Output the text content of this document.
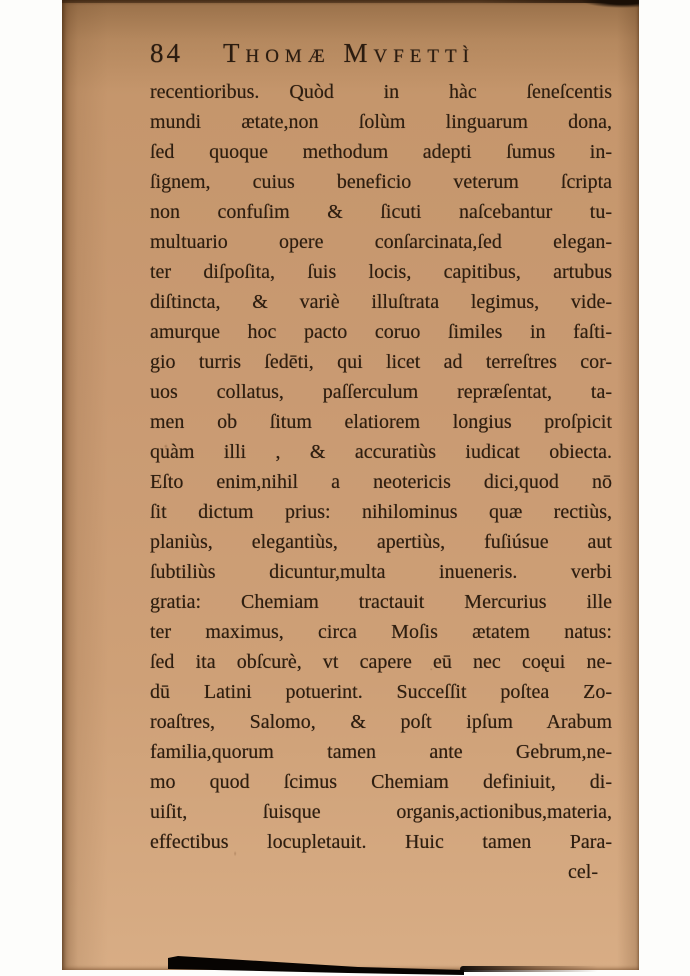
84 Thomæ Mvfettì
recentioribus.  Quòd in hàc ſeneſcentis
mundi ætate,non ſolùm linguarum dona,
ſed quoque methodum adepti ſumus in-
ſignem, cuius beneficio veterum ſcripta
non confuſim & ſicuti naſcebantur tu-
multuario opere conſarcinata,ſed elegan-
ter diſpoſita, ſuis locis, capitibus, artubus
diſtincta, & variè illuſtrata legimus, vide-
amurque hoc pacto coruo ſimiles in faſti-
gio turris ſedēti, qui licet ad terreſtres cor-
uos collatus, paſſerculum repræſentat, ta-
men ob ſitum elatiorem longius proſpicit
quàm illi , & accuratiùs iudicat obiecta.
Eſto enim,nihil a neotericis dici,quod nō
ſit dictum prius: nihilominus quæ rectiùs,
planiùs, elegantiùs, apertiùs, fuſiúsue aut
ſubtiliùs dicuntur,multa inueneris. verbi
gratia: Chemiam tractauit Mercurius ille
ter maximus, circa Moſis ætatem natus:
ſed ita obſcurè, vt capere eū nec coęui ne-
dū Latini potuerint. Succeſſit poſtea Zo-
roaſtres, Salomo, & poſt ipſum Arabum
familia,quorum tamen ante Gebrum,ne-
mo quod ſcimus Chemiam definiuit, di-
uiſit, ſuisque organis,actionibus,materia,
effectibus locupletauit. Huic tamen Para-
cel-
